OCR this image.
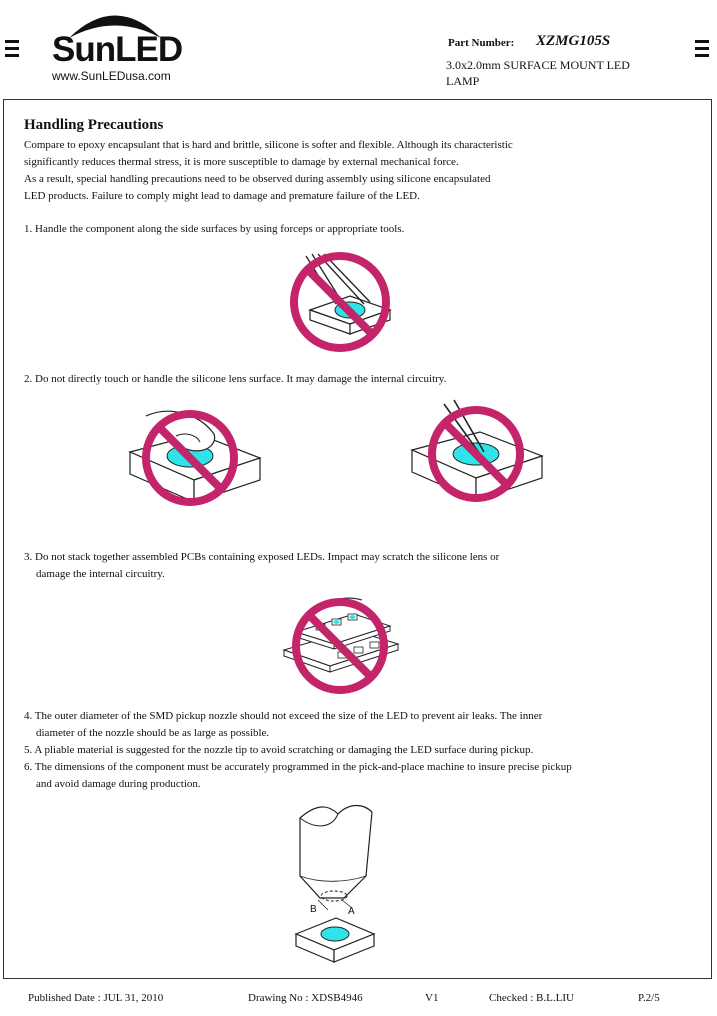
SunLED
www.SunLEDusa.com
Part Number: XZMG105S
3.0x2.0mm SURFACE MOUNT LED
LAMP
Handling Precautions
Compare to epoxy encapsulant that is hard and brittle, silicone is softer and flexible. Although its characteristic
significantly reduces thermal stress, it is more susceptible to damage by external mechanical force.
As a result, special handling precautions need to be observed during assembly using silicone encapsulated
LED products. Failure to comply might lead to damage and premature failure of the LED.
1. Handle the component along the side surfaces by using forceps or appropriate tools.
2. Do not directly touch or handle the silicone lens surface. It may damage the internal circuitry.
3. Do not stack together assembled PCBs containing exposed LEDs. Impact may scratch the silicone lens or
damage the internal circuitry.
4. The outer diameter of the SMD pickup nozzle should not exceed the size of the LED to prevent air leaks. The inner
diameter of the nozzle should be as large as possible.
5. A pliable material is suggested for the nozzle tip to avoid scratching or damaging the LED surface during pickup.
6. The dimensions of the component must be accurately programmed in the pick-and-place machine to insure precise pickup
and avoid damage during production.
B	A
Published Date : JUL 31, 2010	Drawing No : XDSB4946	V1	Checked : B.L.LIU	P.2/5
